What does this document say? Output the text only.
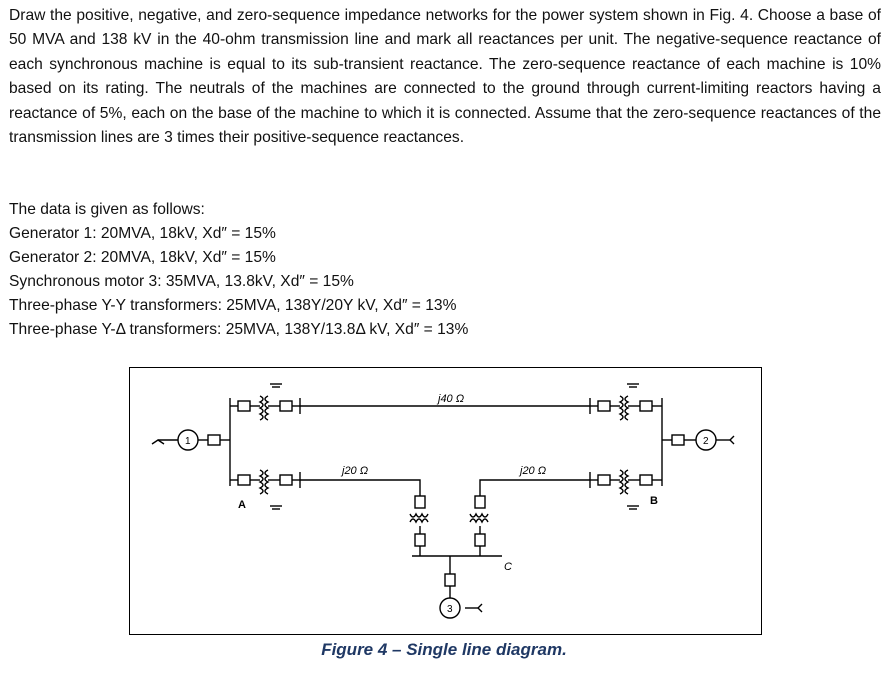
Draw the positive, negative, and zero-sequence impedance networks for the power system shown in Fig. 4. Choose a base of 50 MVA and 138 kV in the 40-ohm transmission line and mark all reactances per unit. The negative-sequence reactance of each synchronous machine is equal to its sub-transient reactance. The zero-sequence reactance of each machine is 10% based on its rating. The neutrals of the machines are connected to the ground through current-limiting reactors having a reactance of 5%, each on the base of the machine to which it is connected. Assume that the zero-sequence reactances of the transmission lines are 3 times their positive-sequence reactances.

The data is given as follows:
Generator 1: 20MVA, 18kV, Xd″ = 15%
Generator 2: 20MVA, 18kV, Xd″ = 15%
Synchronous motor 3: 35MVA, 13.8kV, Xd″ = 15%
Three-phase Y-Y transformers: 25MVA, 138Y/20Y kV, Xd″ = 13%
Three-phase Y-Δ transformers: 25MVA, 138Y/13.8Δ kV, Xd″ = 13%
j40 Ω
j20 Ω	j20 Ω
A	B
C
1	2
3
Figure 4 – Single line diagram.
